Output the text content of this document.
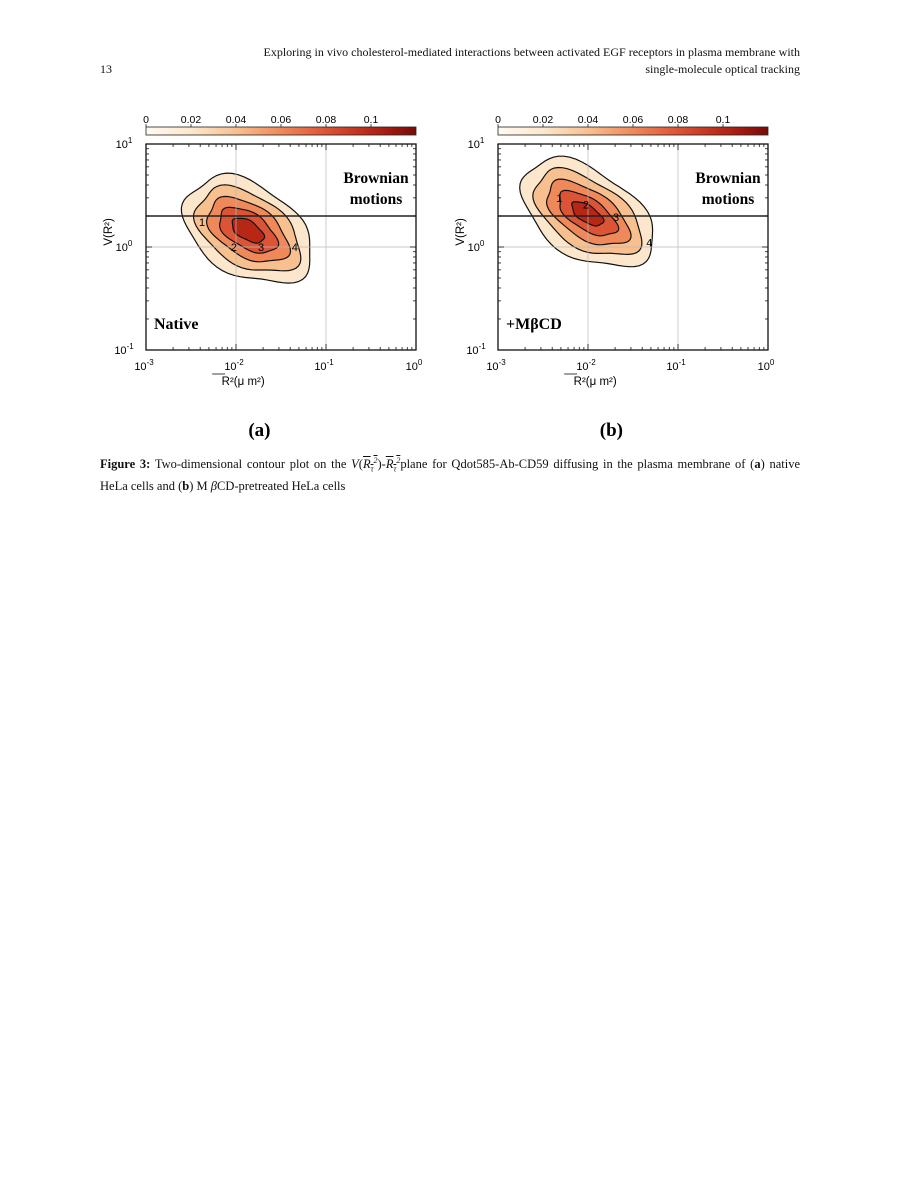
Exploring in vivo cholesterol-mediated interactions between activated EGF receptors in plasma membrane with
single-molecule optical tracking
13
0	0.02 0.04 0.06 0.08	0.1
1
2 3	4
$10^{-3}$	$10^{-2}$	$10^{-1}$	$10^0$
$10^1$
$10^0$
$10^{-1}$
R²(μ m²)
V(R²)
Brownian
motions
Native
(a)
0	0.02 0.04 0.06 0.08	0.1
1
2
3
4
$10^{-3}$	$10^{-2}$	$10^{-1}$	$10^0$
$10^1$
$10^0$
$10^{-1}$
R²(μ m²)
V(R²)
Brownian
motions
+MβCD
(b)
Figure 3: Two-dimensional contour plot on the $V(R_\tau^2)-R_\tau^2plane$ for Qdot585-Ab-CD59 diffusing in the plasma membrane of (a) native HeLa cells and (b) M βCD-pretreated HeLa cells
